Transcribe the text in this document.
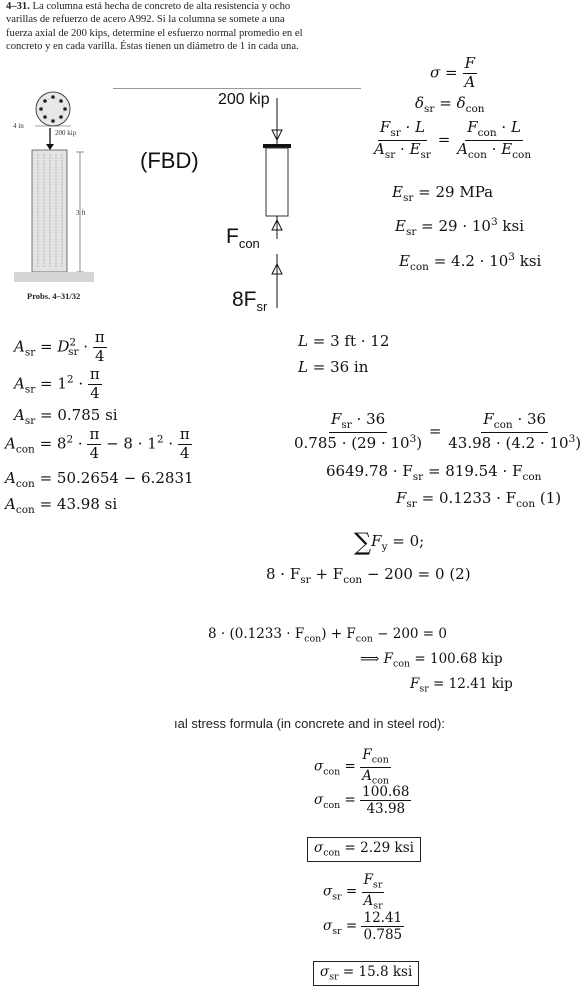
4–31. La columna está hecha de concreto de alta resistencia y ocho varillas de refuerzo de acero A992. Si la columna se somete a una fuerza axial de 200 kips, determine el esfuerzo normal promedio en el concreto y en cada varilla. Éstas tienen un diámetro de 1 in cada una.
4 in
200 kip
3 ft
Probs. 4–31/32
(FBD)
200 kip
$F_{con}$
$8F_{sr}$
$\sigma = \frac{F}{A}$
$\delta_{sr} = \delta_{con}$
$\frac{F_{sr} \cdot L}{A_{sr} \cdot E_{sr}} = \frac{F_{con} \cdot L}{A_{con} \cdot E_{con}}$
$E_{sr} = 29$ MPa
$E_{sr} = 29 \cdot 10^3$ ksi
$E_{con} = 4.2 \cdot 10^3$ ksi
$A_{sr} = D^2_{sr} \cdot \frac{\pi}{4}$
$A_{sr} = 1^2 \cdot \frac{\pi}{4}$
$A_{sr} = 0.785$ si
$A_{con} = 8^2 \cdot \frac{\pi}{4} - 8 \cdot 1^2 \cdot \frac{\pi}{4}$
$A_{con} = 50.2654 - 6.2831$
$A_{con} = 43.98$ si
L = 3 ft · 12
L = 36 in
$\frac{F_{sr} \cdot 36}{0.785 \cdot (29 \cdot 10^3)} = \frac{F_{con} \cdot 36}{43.98 \cdot (4.2 \cdot 10^3)}$
$6649.78 \cdot F_{sr} = 819.54 \cdot F_{con}$
$F_{sr} = 0.1233 \cdot F_{con}$ (1)
$\sum F_y = 0$;
$8 \cdot F_{sr} + F_{con} - 200 = 0$ (2)
$8 \cdot (0.1233 \cdot F_{con}) + F_{con} - 200 = 0$
⟹ $F_{con} = 100.68$ kip
$F_{sr} = 12.41$ kip
ıal stress formula (in concrete and in steel rod):
$\sigma_{con} = \frac{F_{con}}{A_{con}}$
$\sigma_{con} = \frac{100.68}{43.98}$
$\sigma_{con} = 2.29$ ksi
$\sigma_{sr} = \frac{F_{sr}}{A_{sr}}$
$\sigma_{sr} = \frac{12.41}{0.785}$
$\sigma_{sr} = 15.8$ ksi
